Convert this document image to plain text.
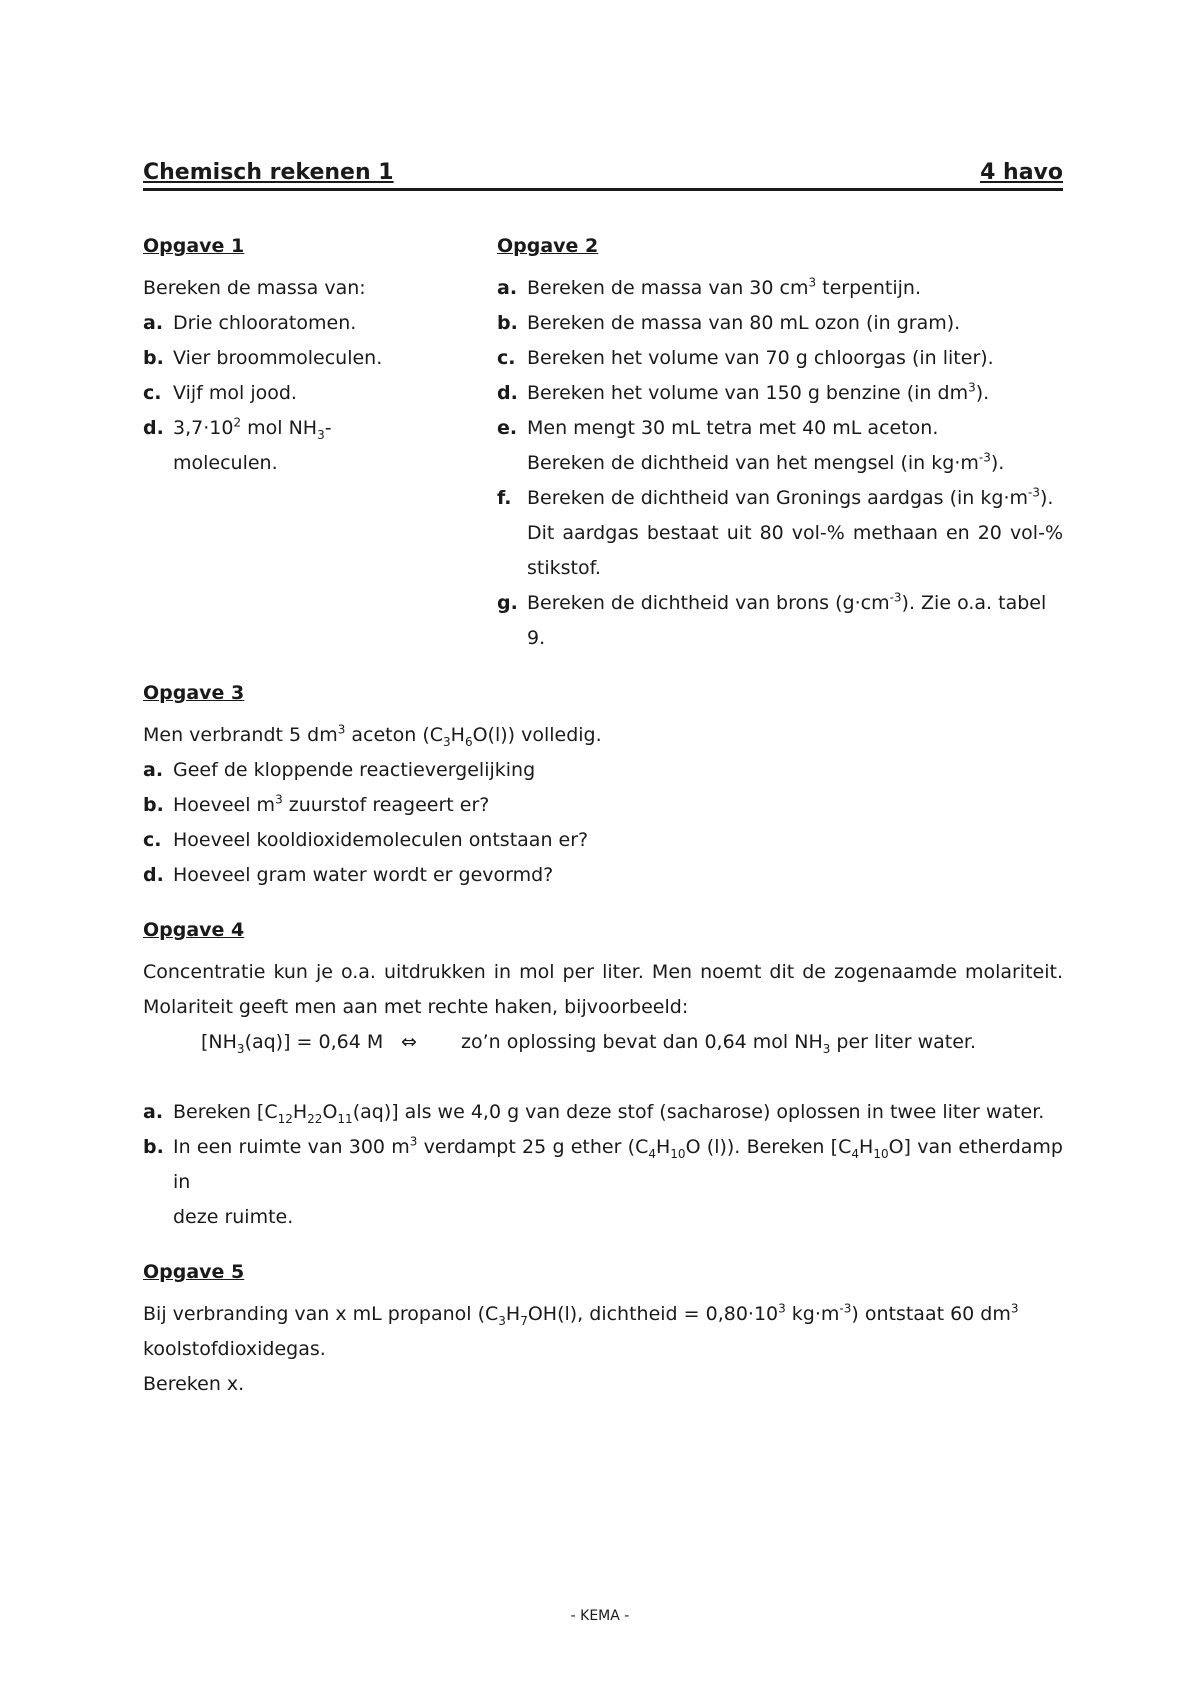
Chemisch rekenen 1	4 havo
Opgave 1

Bereken de massa van:

a. Drie chlooratomen.
b. Vier broommoleculen.
c. Vijf mol jood.
d. $3,7\cdot 10^2$ mol $NH_3-$
moleculen.
Opgave 2
a. Bereken de massa van 30 $cm^3$ terpentijn.
b. Bereken de massa van 80 mL ozon (in gram).
c. Bereken het volume van 70 g chloorgas (in liter).
d. Bereken het volume van 150 g benzine (in $dm^3$).
e. Men mengt 30 mL tetra met 40 mL aceton.
Bereken de dichtheid van het mengsel (in $kg\cdot m^{-3}$).
f. Bereken de dichtheid van Gronings aardgas (in $kg\cdot m^{-3}$).
Dit aardgas bestaat uit 80 vol-% methaan en 20 vol-% stikstof.
g. Bereken de dichtheid van brons $(g\cdot cm^{-3})$. Zie o.a. tabel 9.
Opgave 3

Men verbrandt 5 $dm^3$ aceton $(C_3H_6O(l))$ volledig.

a. Geef de kloppende reactievergelijking
b. Hoeveel $m^3$ zuurstof reageert er?
c. Hoeveel kooldioxidemoleculen ontstaan er?
d. Hoeveel gram water wordt er gevormd?
Opgave 4

Concentratie kun je o.a. uitdrukken in mol per liter. Men noemt dit de zogenaamde molariteit. Molariteit geeft men aan met rechte haken, bijvoorbeeld:

$[NH_3(aq)] = 0,64$ M ⇔	zo’n oplossing bevat dan 0,64 mol $NH_3$ per liter water.
a. Bereken $[C_{12}H_{22}O_{11}(aq)]$ als we 4,0 g van deze stof (sacharose) oplossen in twee liter water.
b. In een ruimte van 300 $m^3$ verdampt 25 g ether ($C_4H_{10}O$ (l)). Bereken $[C_4H_{10}O]$ van etherdamp in
deze ruimte.
Opgave 5

Bij verbranding van x mL propanol ($C_3H_7OH(l)$, dichtheid = $0,80\cdot 10^3$ $kg\cdot m^{-3}$) ontstaat 60 $dm^3$

koolstofdioxidegas.

Bereken x.

- KEMA -
